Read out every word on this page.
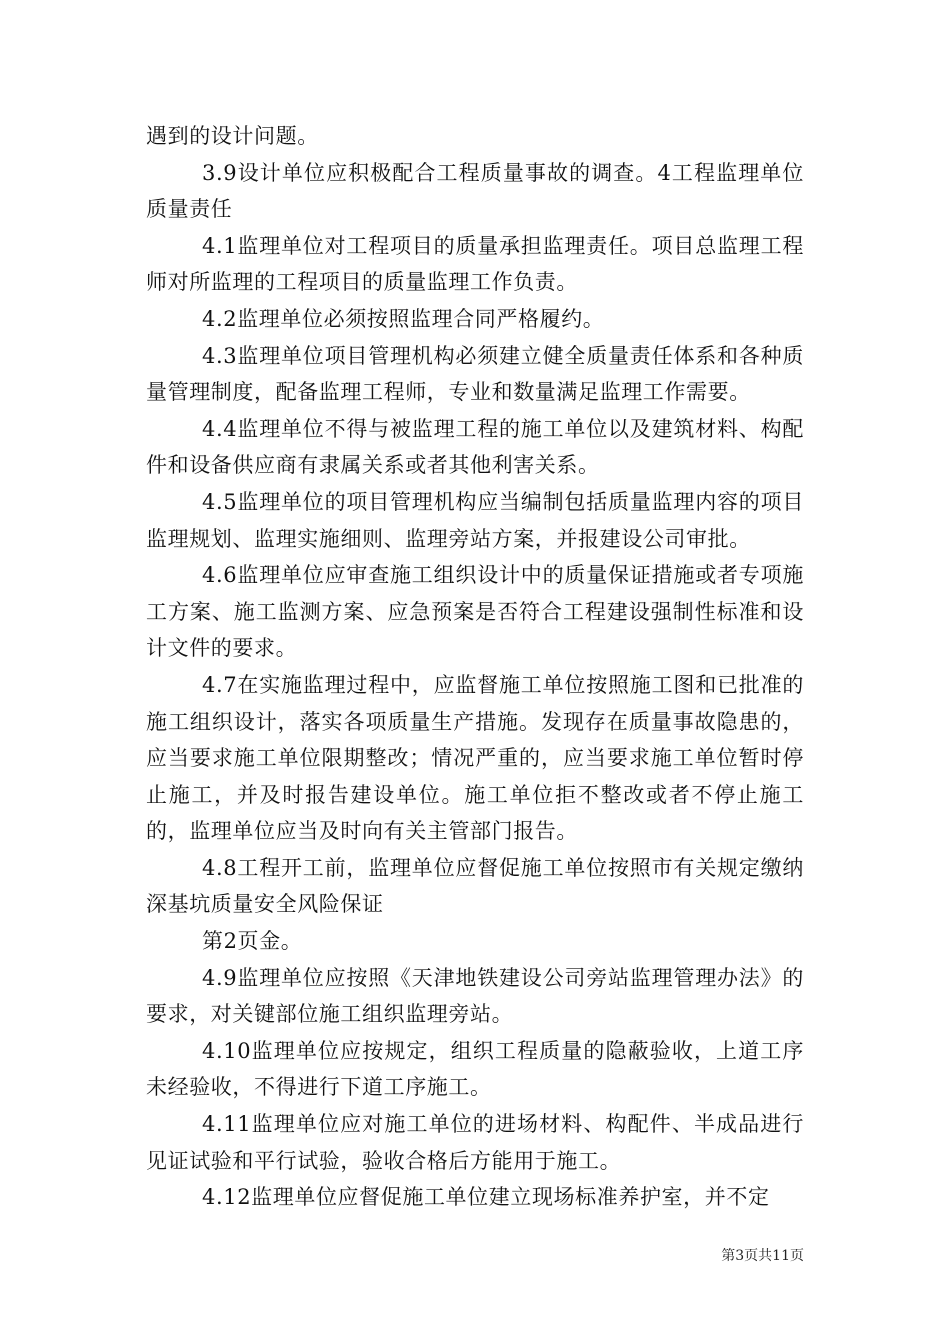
遇到的设计问题。

3.9设计单位应积极配合工程质量事故的调查。4工程监理单位质量责任

4.1监理单位对工程项目的质量承担监理责任。项目总监理工程师对所监理的工程项目的质量监理工作负责。

4.2监理单位必须按照监理合同严格履约。

4.3监理单位项目管理机构必须建立健全质量责任体系和各种质量管理制度，配备监理工程师，专业和数量满足监理工作需要。

4.4监理单位不得与被监理工程的施工单位以及建筑材料、构配件和设备供应商有隶属关系或者其他利害关系。

4.5监理单位的项目管理机构应当编制包括质量监理内容的项目监理规划、监理实施细则、监理旁站方案，并报建设公司审批。

4.6监理单位应审查施工组织设计中的质量保证措施或者专项施工方案、施工监测方案、应急预案是否符合工程建设强制性标准和设计文件的要求。

4.7在实施监理过程中，应监督施工单位按照施工图和已批准的施工组织设计，落实各项质量生产措施。发现存在质量事故隐患的，应当要求施工单位限期整改；情况严重的，应当要求施工单位暂时停止施工，并及时报告建设单位。施工单位拒不整改或者不停止施工的，监理单位应当及时向有关主管部门报告。

4.8工程开工前，监理单位应督促施工单位按照市有关规定缴纳深基坑质量安全风险保证

第2页金。

4.9监理单位应按照《天津地铁建设公司旁站监理管理办法》的要求，对关键部位施工组织监理旁站。

4.10监理单位应按规定，组织工程质量的隐蔽验收，上道工序未经验收，不得进行下道工序施工。

4.11监理单位应对施工单位的进场材料、构配件、半成品进行见证试验和平行试验，验收合格后方能用于施工。

4.12监理单位应督促施工单位建立现场标准养护室，并不定

第3页共11页
